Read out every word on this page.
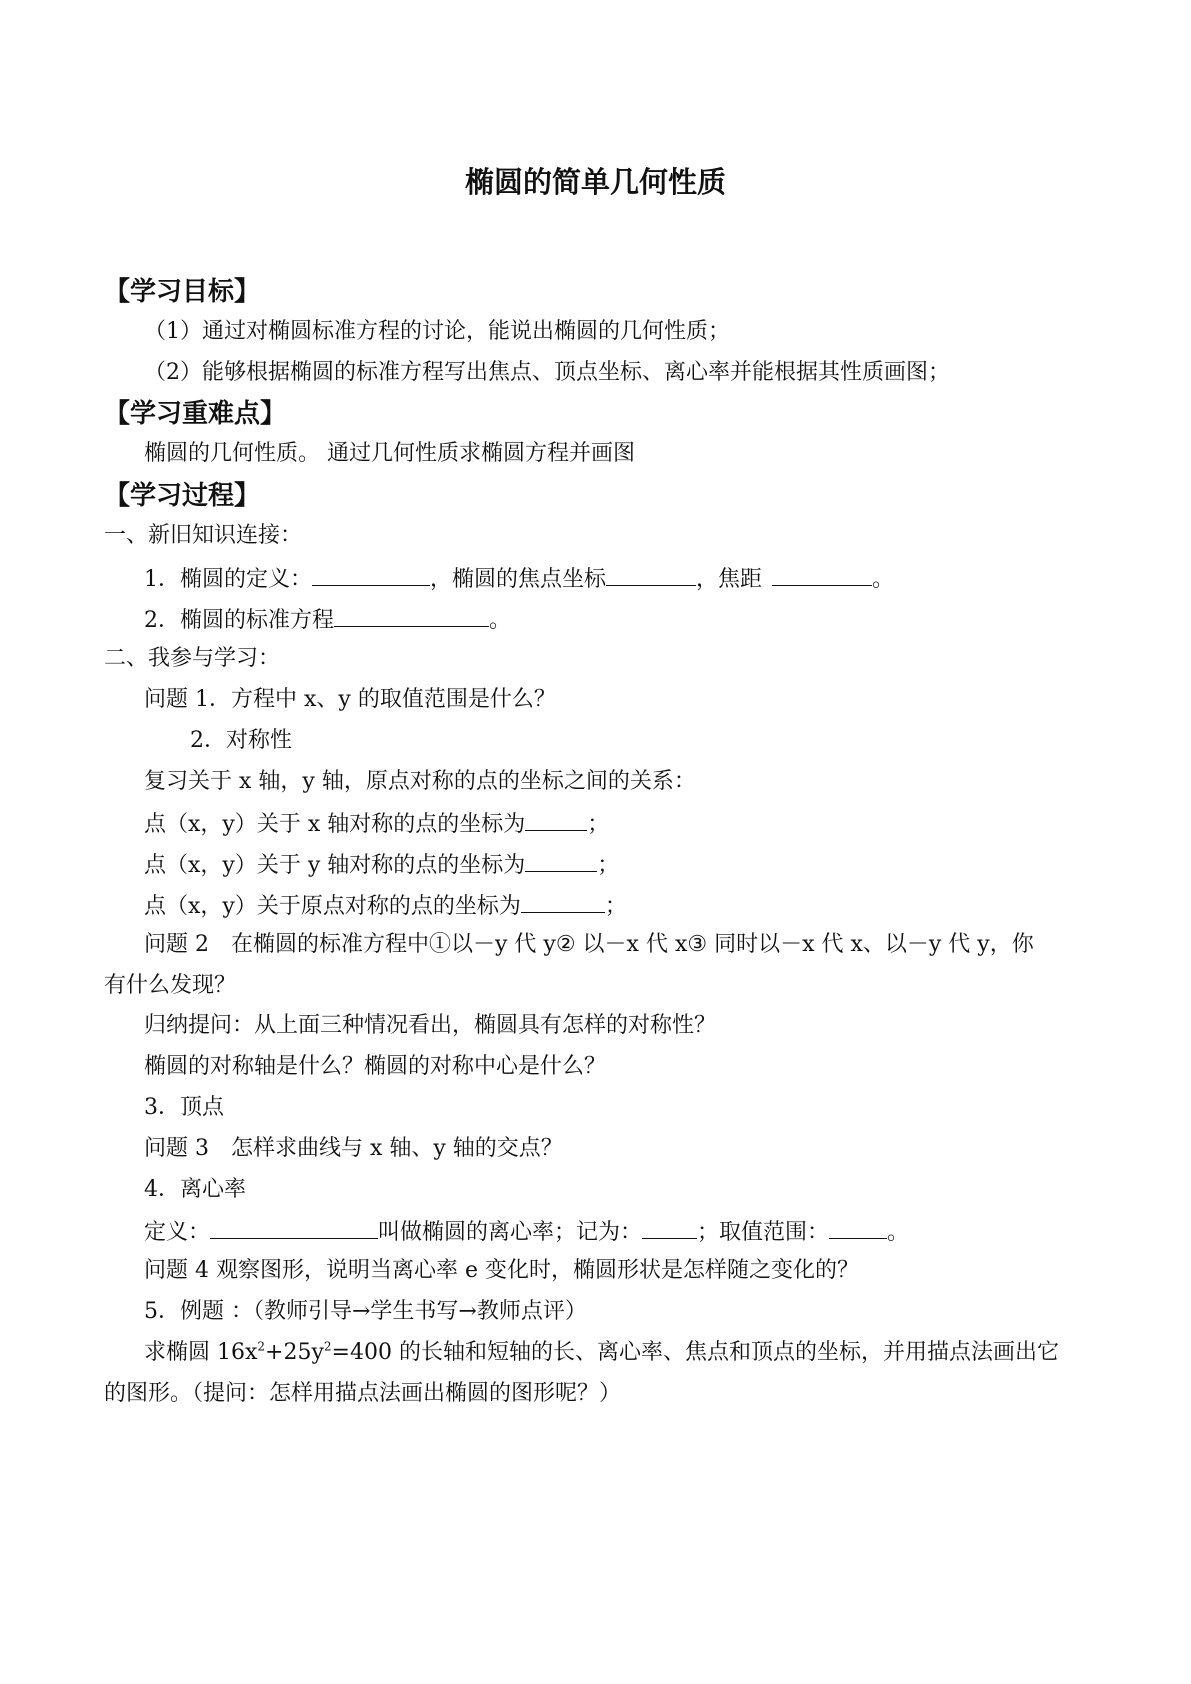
椭圆的简单几何性质
【学习目标】
（1）通过对椭圆标准方程的讨论，能说出椭圆的几何性质；
（2）能够根据椭圆的标准方程写出焦点、顶点坐标、离心率并能根据其性质画图；
【学习重难点】
椭圆的几何性质。 通过几何性质求椭圆方程并画图
【学习过程】
一、新旧知识连接：
1．椭圆的定义：	，椭圆的焦点坐标	，焦距	。
2．椭圆的标准方程	。
二、我参与学习：
问题 1．方程中 x、y 的取值范围是什么？
2．对称性
复习关于 x 轴，y 轴，原点对称的点的坐标之间的关系：
点（x，y）关于 x 轴对称的点的坐标为	；
点（x，y）关于 y 轴对称的点的坐标为	；
点（x，y）关于原点对称的点的坐标为	；
问题 2　在椭圆的标准方程中①以－y 代 y② 以－x 代 x③ 同时以－x 代 x、以－y 代 y，你
有什么发现？
归纳提问：从上面三种情况看出，椭圆具有怎样的对称性？
椭圆的对称轴是什么？椭圆的对称中心是什么？
3．顶点
问题 3　怎样求曲线与 x 轴、y 轴的交点？
4．离心率
定义：	叫做椭圆的离心率；记为：	；取值范围：	。
问题 4 观察图形，说明当离心率 e 变化时，椭圆形状是怎样随之变化的？
5．例题 ：（教师引导→学生书写→教师点评）
求椭圆 $16x^2+25y^2=400$ 的长轴和短轴的长、离心率、焦点和顶点的坐标，并用描点法画出它
的图形。（提问：怎样用描点法画出椭圆的图形呢？）
